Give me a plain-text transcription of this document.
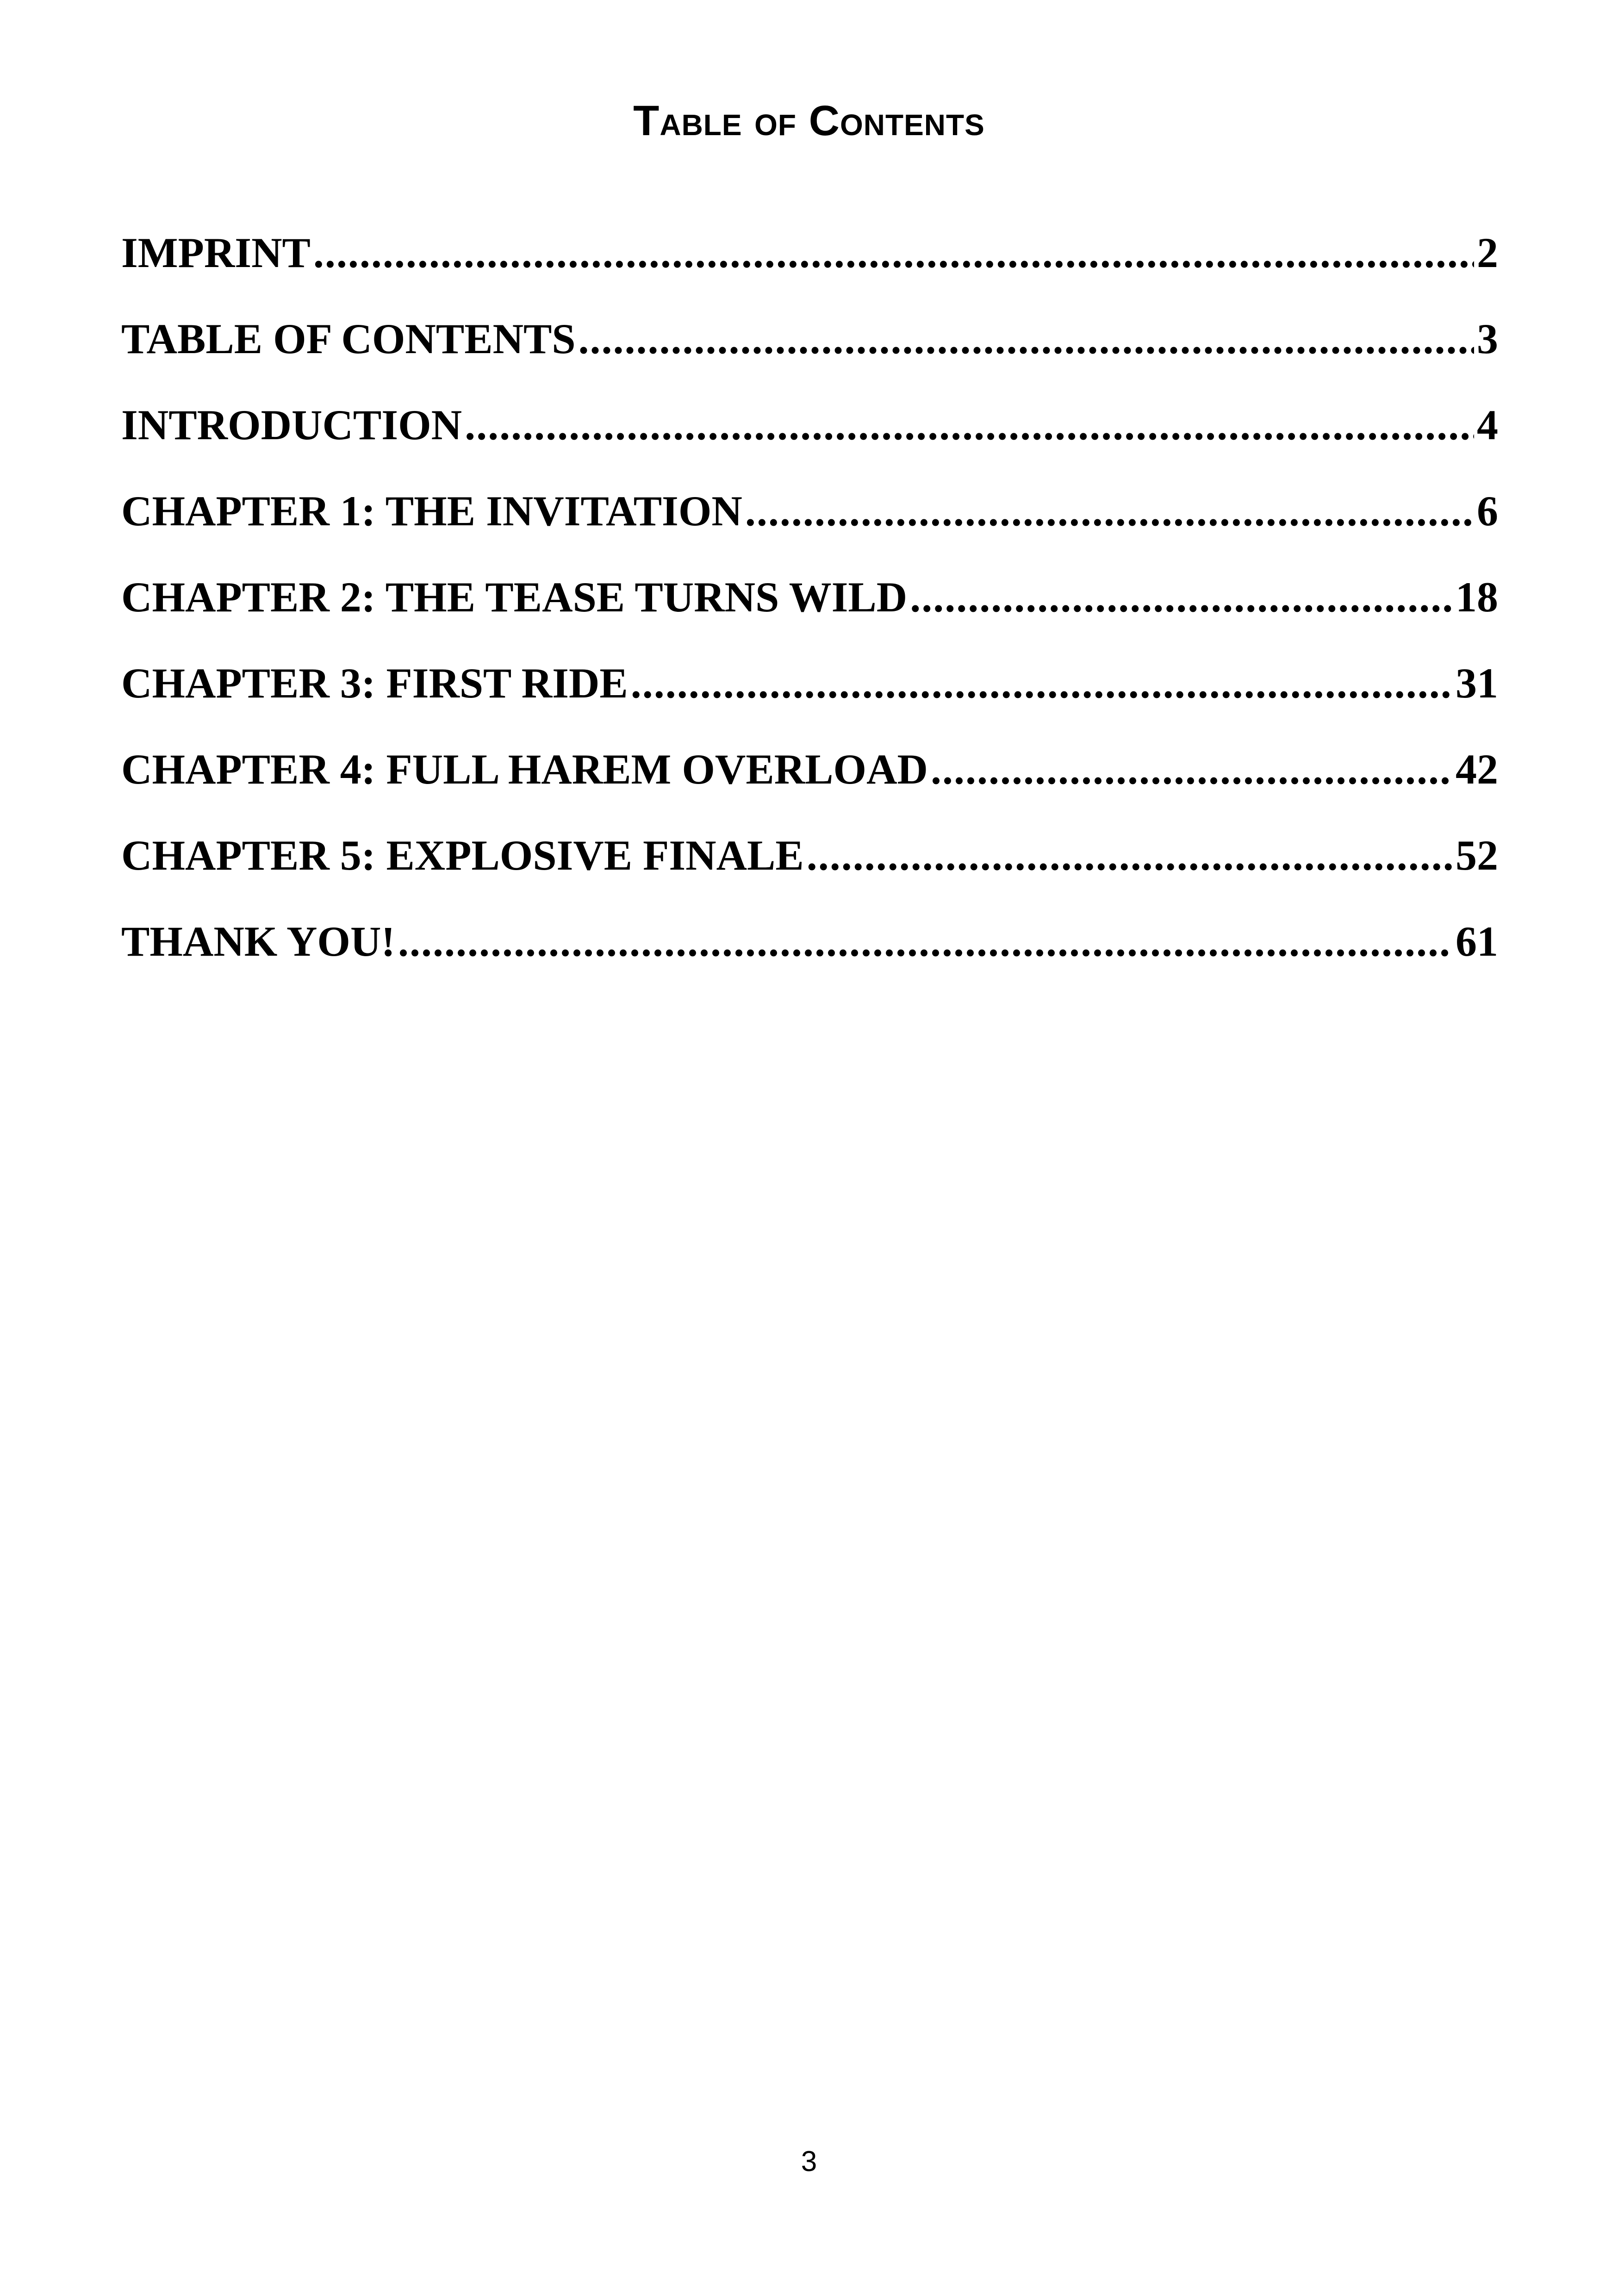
Table of Contents
IMPRINT .....	2
TABLE OF CONTENTS .....	3
INTRODUCTION .....	4
CHAPTER 1: THE INVITATION .....	6
CHAPTER 2: THE TEASE TURNS WILD .....	18
CHAPTER 3: FIRST RIDE .....	31
CHAPTER 4: FULL HAREM OVERLOAD .....	42
CHAPTER 5: EXPLOSIVE FINALE .....	52
THANK YOU! .....	61
3
